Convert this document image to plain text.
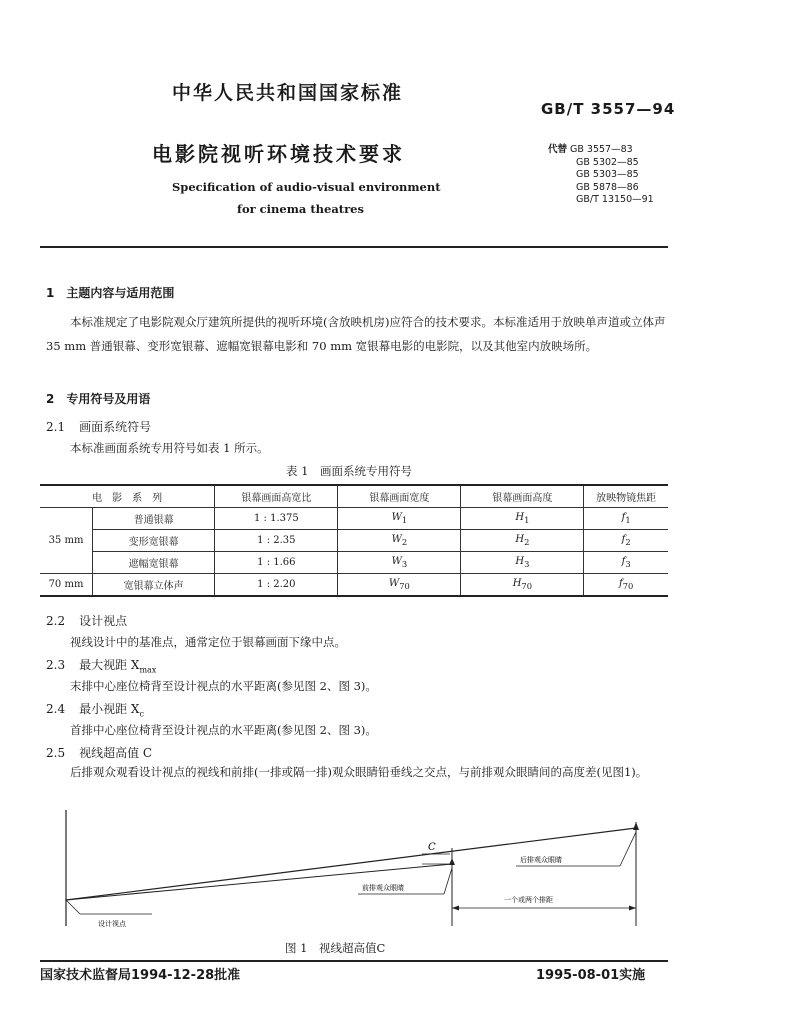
中华人民共和国国家标准
GB/T 3557—94
电影院视听环境技术要求
Specification of audio-visual environment
for cinema theatres
代替 GB 3557—83
GB 5302—85
GB 5303—85
GB 5878—86
GB/T 13150—91
1　主题内容与适用范围
本标准规定了电影院观众厅建筑所提供的视听环境(含放映机房)应符合的技术要求。本标准适用于放映单声道或立体声 35 mm 普通银幕、变形宽银幕、遮幅宽银幕电影和 70 mm 宽银幕电影的电影院，以及其他室内放映场所。
2　专用符号及用语
2.1 画面系统符号
本标准画面系统专用符号如表 1 所示。
表 1　画面系统专用符号
电　影　系　列		银幕画面高宽比	银幕画面宽度	银幕画面高度	放映物镜焦距
35 mm	普通银幕	1 : 1.375	$W_1$	$H_1$	$f_1$
	变形宽银幕	1 : 2.35	$W_2$	$H_2$	$f_2$
	遮幅宽银幕	1 : 1.66	$W_3$	$H_3$	$f_3$
70 mm	宽银幕立体声	1 : 2.20	$W_{70}$	$H_{70}$	$f_{70}$
2.2 设计视点
视线设计中的基准点，通常定位于银幕画面下缘中点。
2.3 最大视距 $X_{max}$
末排中心座位椅背至设计视点的水平距离(参见图 2、图 3)。
2.4 最小视距 $X_c$
首排中心座位椅背至设计视点的水平距离(参见图 2、图 3)。
2.5 视线超高值 C
后排观众观看设计视点的视线和前排(一排或隔一排)观众眼睛铅垂线之交点，与前排观众眼睛间的高度差(见图1)。
C
设计视点
前排观众眼睛
后排观众眼睛
一个或两个排距
图 1　视线超高值C
国家技术监督局1994-12-28批准	1995-08-01实施
